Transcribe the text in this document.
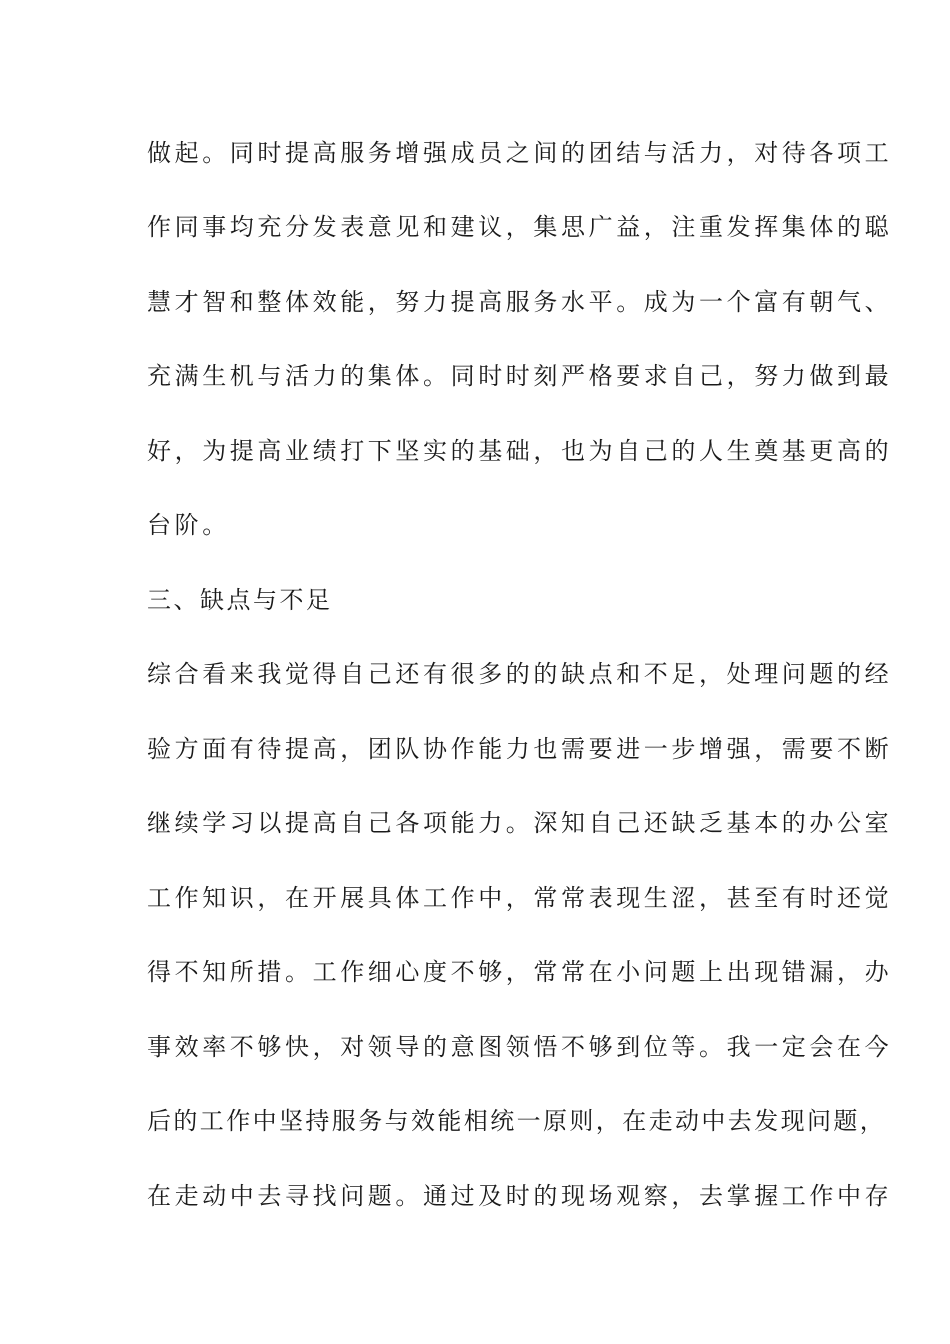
做起。同时提高服务增强成员之间的团结与活力，对待各项工
作同事均充分发表意见和建议，集思广益，注重发挥集体的聪
慧才智和整体效能，努力提高服务水平。成为一个富有朝气、
充满生机与活力的集体。同时时刻严格要求自己，努力做到最
好，为提高业绩打下坚实的基础，也为自己的人生奠基更高的
台阶。
三、缺点与不足
综合看来我觉得自己还有很多的的缺点和不足，处理问题的经
验方面有待提高，团队协作能力也需要进一步增强，需要不断
继续学习以提高自己各项能力。深知自己还缺乏基本的办公室
工作知识，在开展具体工作中，常常表现生涩，甚至有时还觉
得不知所措。工作细心度不够，常常在小问题上出现错漏，办
事效率不够快，对领导的意图领悟不够到位等。我一定会在今
后的工作中坚持服务与效能相统一原则，在走动中去发现问题，
在走动中去寻找问题。通过及时的现场观察，去掌握工作中存
